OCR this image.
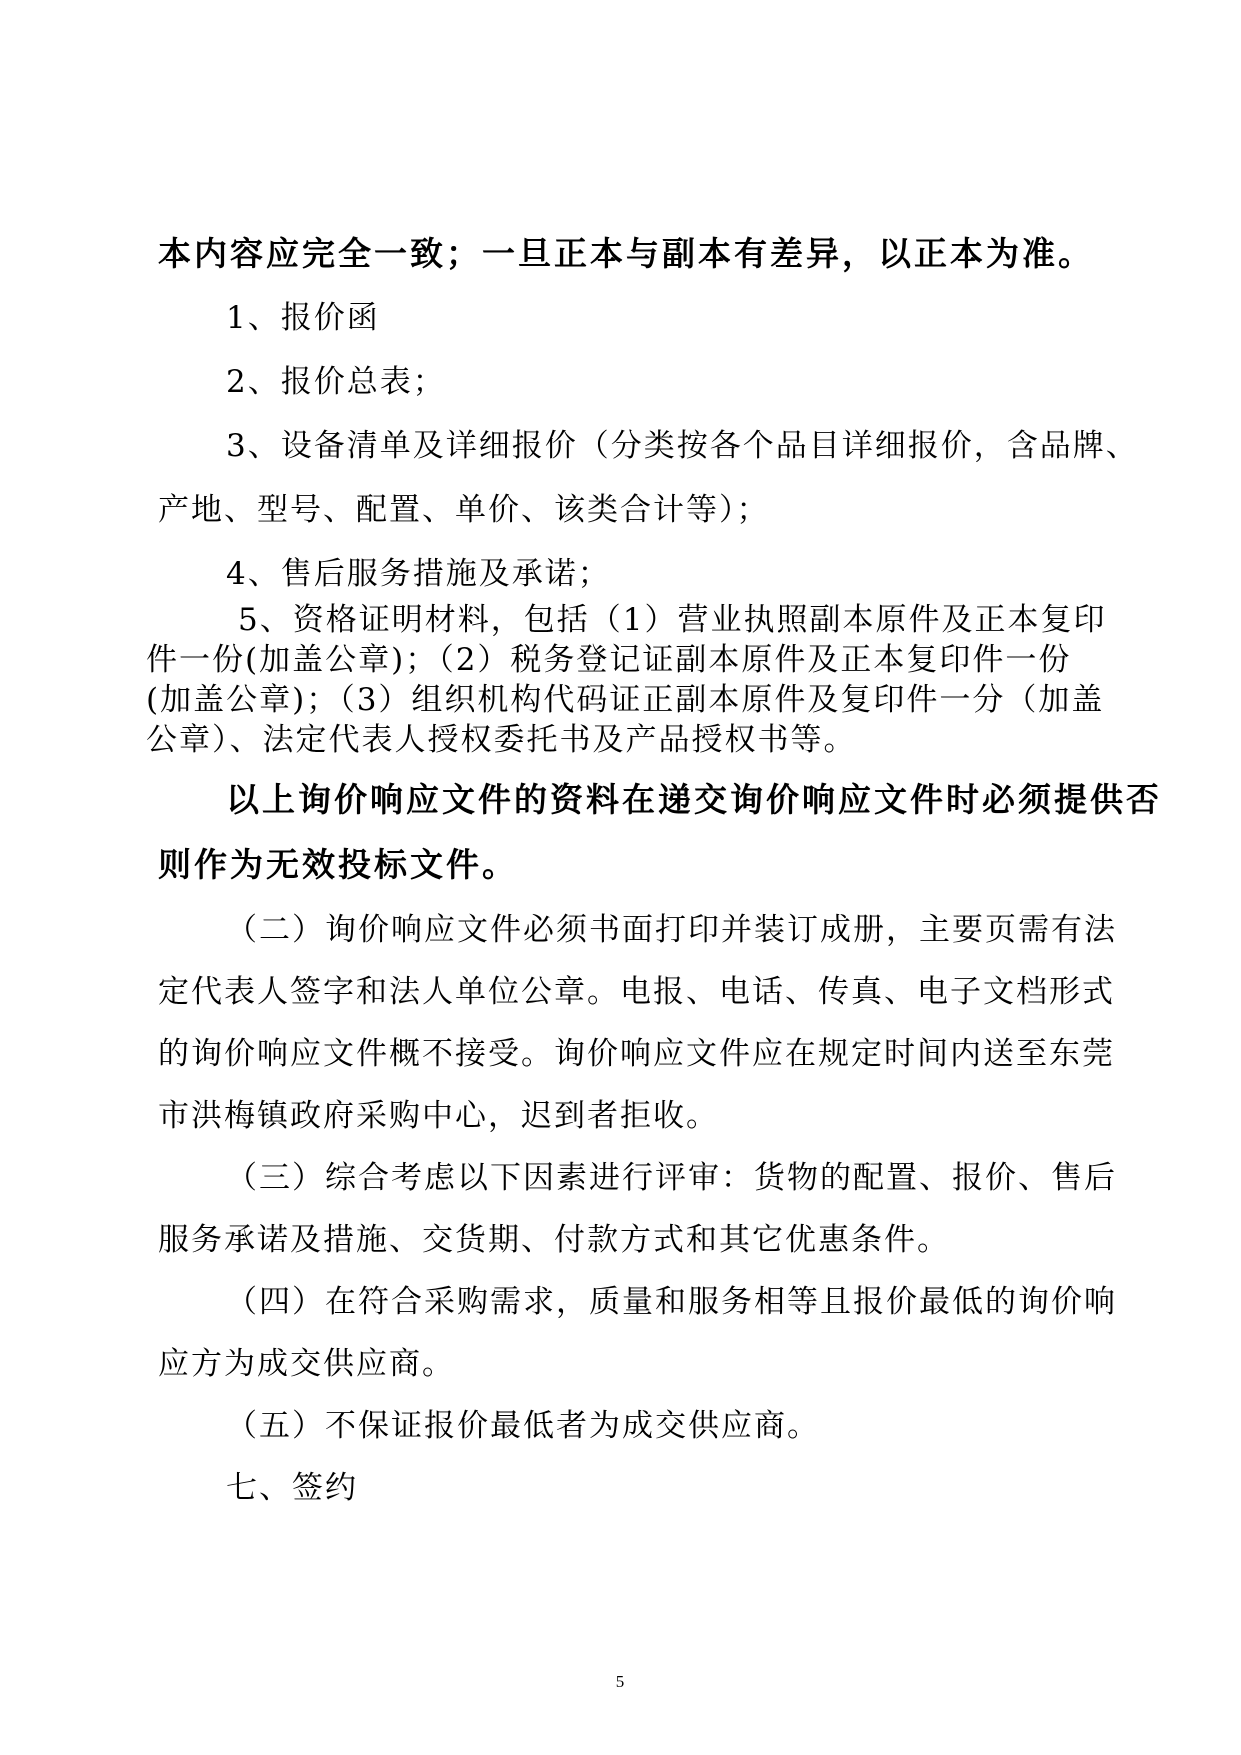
本内容应完全一致；一旦正本与副本有差异，以正本为准。
1、报价函
2、报价总表；
3、设备清单及详细报价（分类按各个品目详细报价，含品牌、
产地、型号、配置、单价、该类合计等）；
4、售后服务措施及承诺；
5、资格证明材料，包括（1）营业执照副本原件及正本复印
件一份(加盖公章)；（2）税务登记证副本原件及正本复印件一份
(加盖公章)；（3）组织机构代码证正副本原件及复印件一分（加盖
公章）、法定代表人授权委托书及产品授权书等。
以上询价响应文件的资料在递交询价响应文件时必须提供否
则作为无效投标文件。
（二）询价响应文件必须书面打印并装订成册，主要页需有法
定代表人签字和法人单位公章。电报、电话、传真、电子文档形式
的询价响应文件概不接受。询价响应文件应在规定时间内送至东莞
市洪梅镇政府采购中心，迟到者拒收。
（三）综合考虑以下因素进行评审：货物的配置、报价、售后
服务承诺及措施、交货期、付款方式和其它优惠条件。
（四）在符合采购需求，质量和服务相等且报价最低的询价响
应方为成交供应商。
（五）不保证报价最低者为成交供应商。
七、签约
5
